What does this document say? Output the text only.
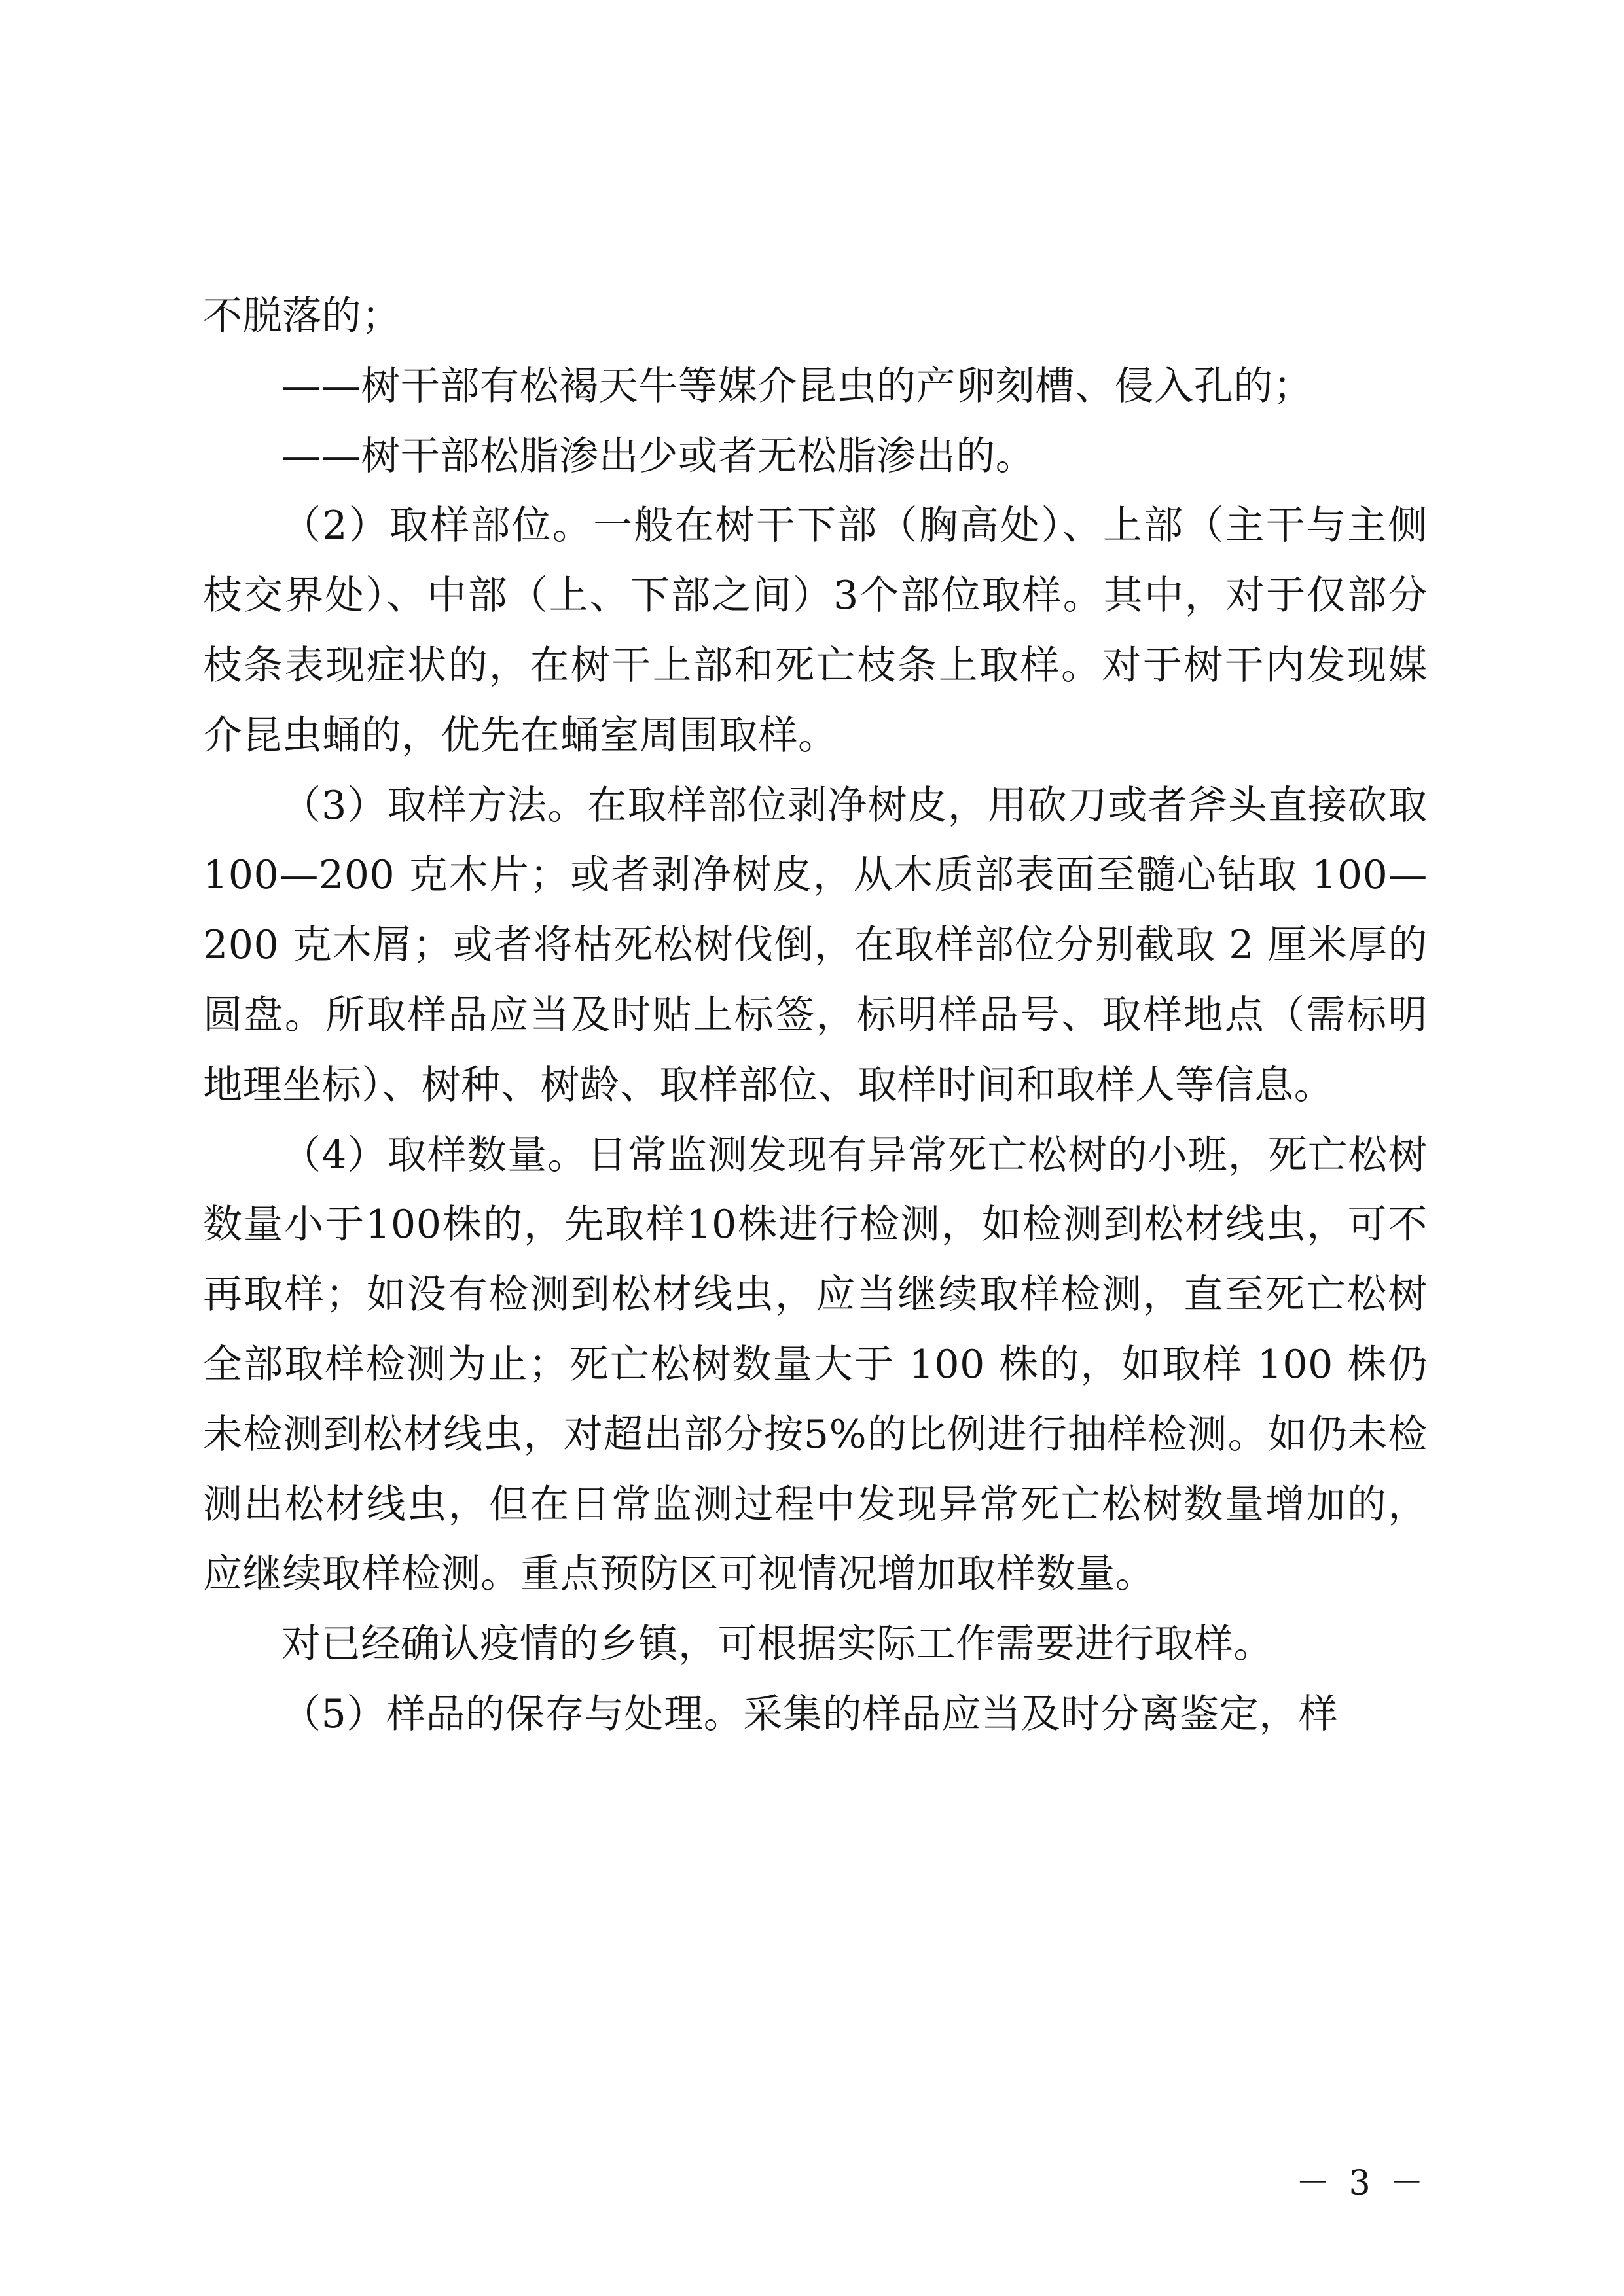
不脱落的；

——树干部有松褐天牛等媒介昆虫的产卵刻槽、侵入孔的；

——树干部松脂渗出少或者无松脂渗出的。

（2）取样部位。一般在树干下部（胸高处）、上部（主干与主侧枝交界处）、中部（上、下部之间）3个部位取样。其中，对于仅部分枝条表现症状的，在树干上部和死亡枝条上取样。对于树干内发现媒介昆虫蛹的，优先在蛹室周围取样。

（3）取样方法。在取样部位剥净树皮，用砍刀或者斧头直接砍取 100—200 克木片；或者剥净树皮，从木质部表面至髓心钻取 100—200 克木屑；或者将枯死松树伐倒，在取样部位分别截取 2 厘米厚的圆盘。所取样品应当及时贴上标签，标明样品号、取样地点（需标明地理坐标）、树种、树龄、取样部位、取样时间和取样人等信息。

（4）取样数量。日常监测发现有异常死亡松树的小班，死亡松树数量小于100株的，先取样10株进行检测，如检测到松材线虫，可不再取样；如没有检测到松材线虫，应当继续取样检测，直至死亡松树全部取样检测为止；死亡松树数量大于 100 株的，如取样 100 株仍未检测到松材线虫，对超出部分按5%的比例进行抽样检测。如仍未检测出松材线虫，但在日常监测过程中发现异常死亡松树数量增加的，应继续取样检测。重点预防区可视情况增加取样数量。

对已经确认疫情的乡镇，可根据实际工作需要进行取样。

（5）样品的保存与处理。采集的样品应当及时分离鉴定，样

－ 3 －
